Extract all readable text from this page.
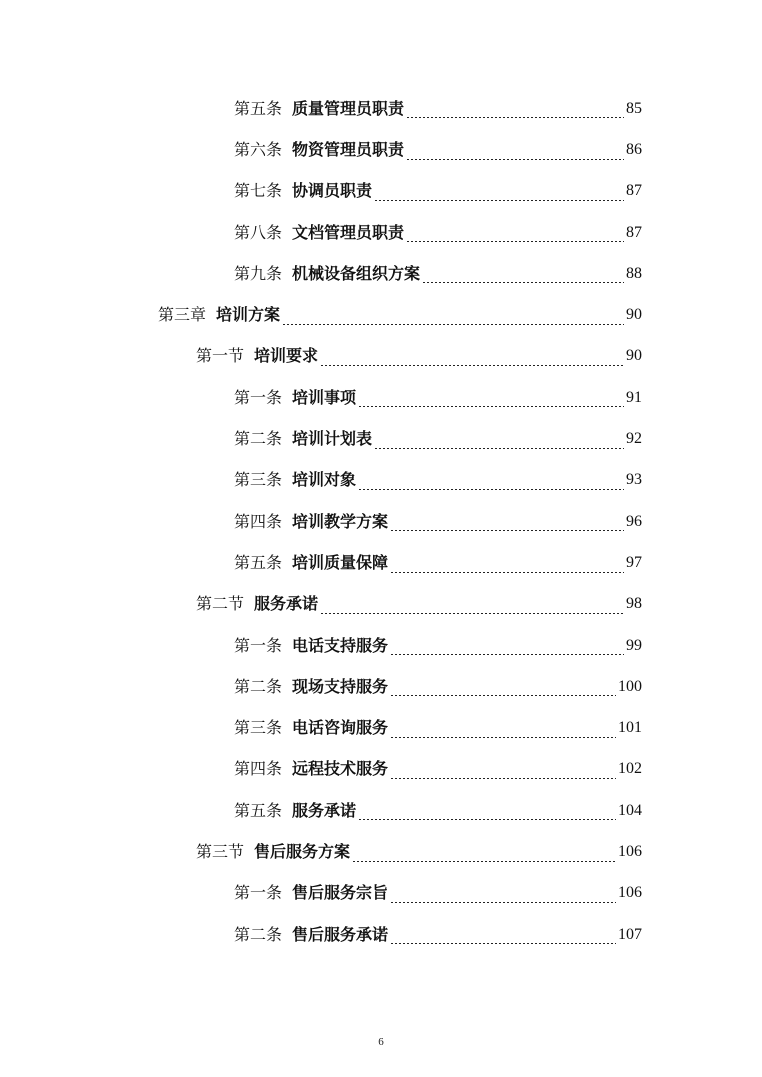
第五条 质量管理员职责	85
第六条 物资管理员职责	86
第七条 协调员职责	87
第八条 文档管理员职责	87
第九条 机械设备组织方案	88
第三章 培训方案	90
第一节 培训要求	90
第一条 培训事项	91
第二条 培训计划表	92
第三条 培训对象	93
第四条 培训教学方案	96
第五条 培训质量保障	97
第二节 服务承诺	98
第一条 电话支持服务	99
第二条 现场支持服务	100
第三条 电话咨询服务	101
第四条 远程技术服务	102
第五条 服务承诺	104
第三节 售后服务方案	106
第一条 售后服务宗旨	106
第二条 售后服务承诺	107
6
